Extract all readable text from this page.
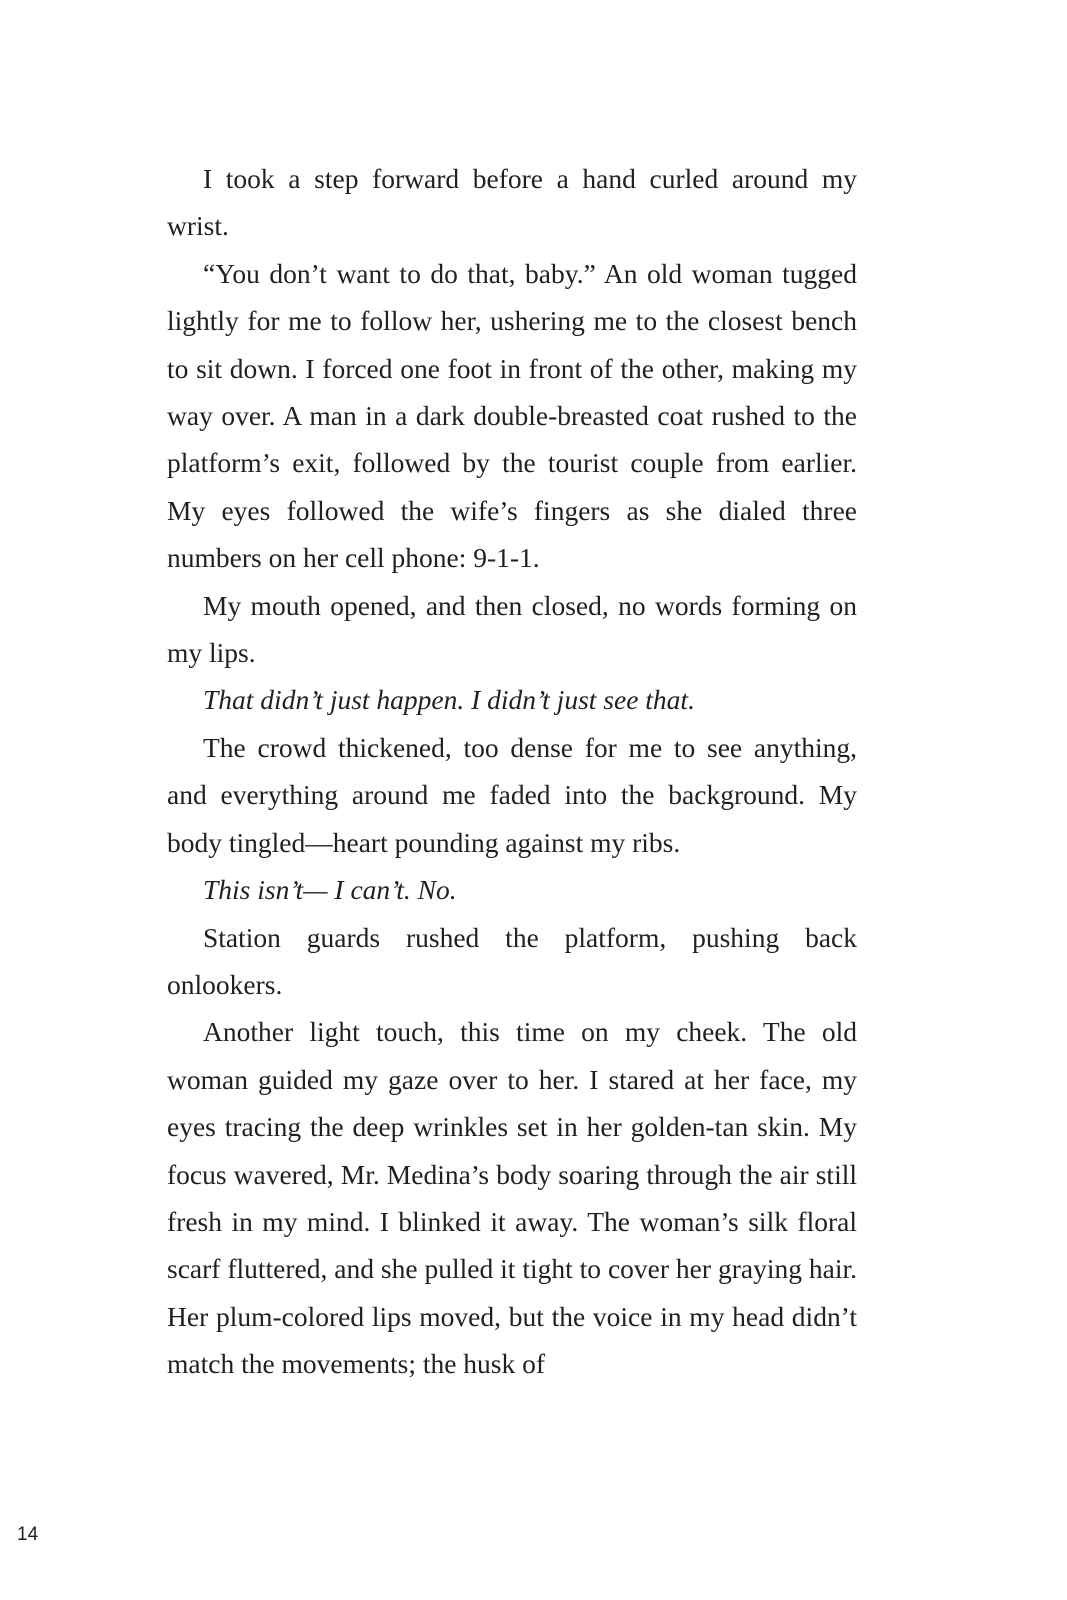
I took a step forward before a hand curled around my wrist.

“You don’t want to do that, baby.” An old woman tugged lightly for me to follow her, ushering me to the closest bench to sit down. I forced one foot in front of the other, making my way over. A man in a dark double-breasted coat rushed to the platform’s exit, followed by the tourist couple from earlier. My eyes followed the wife’s fingers as she dialed three numbers on her cell phone: 9-1-1.

My mouth opened, and then closed, no words forming on my lips.

That didn’t just happen. I didn’t just see that.

The crowd thickened, too dense for me to see anything, and everything around me faded into the background. My body tingled—heart pounding against my ribs.

This isn’t— I can’t. No.

Station guards rushed the platform, pushing back onlookers.

Another light touch, this time on my cheek. The old woman guided my gaze over to her. I stared at her face, my eyes tracing the deep wrinkles set in her golden-tan skin. My focus wavered, Mr. Medina’s body soaring through the air still fresh in my mind. I blinked it away. The woman’s silk floral scarf fluttered, and she pulled it tight to cover her graying hair. Her plum-colored lips moved, but the voice in my head didn’t match the movements; the husk of

14
